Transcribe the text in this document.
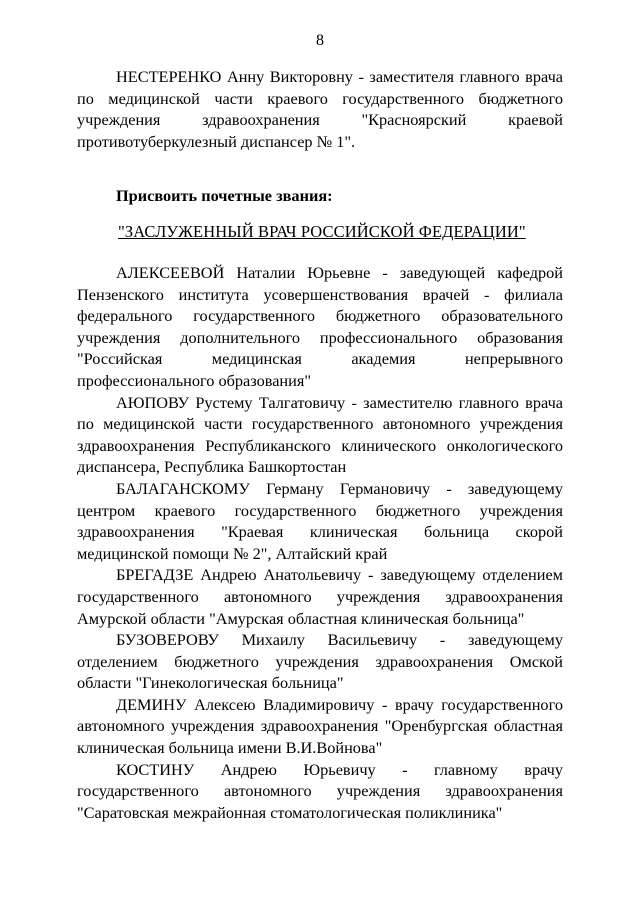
8
НЕСТЕРЕНКО Анну Викторовну - заместителя главного врача
по медицинской части краевого государственного бюджетного
учреждения здравоохранения "Красноярский краевой
противотуберкулезный диспансер № 1".
Присвоить почетные звания:
"ЗАСЛУЖЕННЫЙ ВРАЧ РОССИЙСКОЙ ФЕДЕРАЦИИ"
АЛЕКСЕЕВОЙ Наталии Юрьевне - заведующей кафедрой
Пензенского института усовершенствования врачей - филиала
федерального государственного бюджетного образовательного
учреждения дополнительного профессионального образования
"Российская медицинская академия непрерывного
профессионального образования"
АЮПОВУ Рустему Талгатовичу - заместителю главного врача
по медицинской части государственного автономного учреждения
здравоохранения Республиканского клинического онкологического
диспансера, Республика Башкортостан
БАЛАГАНСКОМУ Герману Германовичу - заведующему
центром краевого государственного бюджетного учреждения
здравоохранения "Краевая клиническая больница скорой
медицинской помощи № 2", Алтайский край
БРЕГАДЗЕ Андрею Анатольевичу - заведующему отделением
государственного автономного учреждения здравоохранения
Амурской области "Амурская областная клиническая больница"
БУЗОВЕРОВУ Михаилу Васильевичу - заведующему
отделением бюджетного учреждения здравоохранения Омской
области "Гинекологическая больница"
ДЕМИНУ Алексею Владимировичу - врачу государственного
автономного учреждения здравоохранения "Оренбургская областная
клиническая больница имени В.И.Войнова"
КОСТИНУ Андрею Юрьевичу - главному врачу
государственного автономного учреждения здравоохранения
"Саратовская межрайонная стоматологическая поликлиника"
